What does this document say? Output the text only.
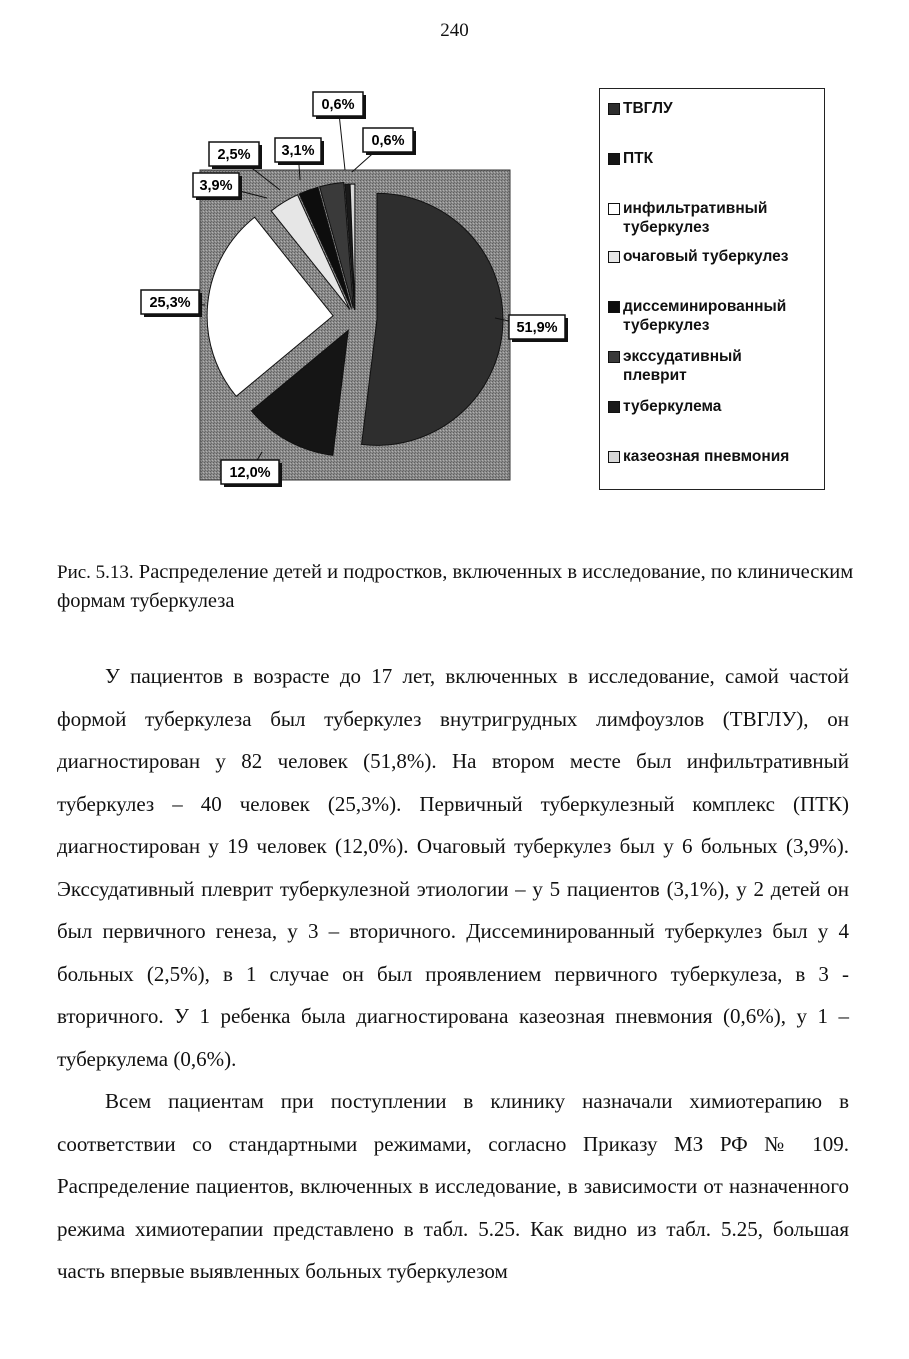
240
51,9%
12,0%
25,3%
3,9%
2,5% 3,1%
0,6%
0,6%
ТВГЛУ
ПТК
инфильтративный
туберкулез
очаговый туберкулез
диссеминированный
туберкулез
экссудативный
плеврит
туберкулема
казеозная пневмония
Рис. 5.13. Распределение детей и подростков, включенных в исследование, по клиническим формам туберкулеза

У пациентов в возрасте до 17 лет, включенных в исследование, самой частой формой туберкулеза был туберкулез внутригрудных лимфоузлов (ТВГЛУ), он диагностирован у 82 человек (51,8%). На втором месте был инфильтративный туберкулез – 40 человек (25,3%). Первичный туберкулезный комплекс (ПТК) диагностирован у 19 человек (12,0%). Очаговый туберкулез был у 6 больных (3,9%). Экссудативный плеврит туберкулезной этиологии – у 5 пациентов (3,1%), у 2 детей он был первичного генеза, у 3 – вторичного. Диссеминированный туберкулез был у 4 больных (2,5%), в 1 случае он был проявлением первичного туберкулеза, в 3 - вторичного. У 1 ребенка была диагностирована казеозная пневмония (0,6%), у 1 – туберкулема (0,6%).

Всем пациентам при поступлении в клинику назначали химиотерапию в соответствии со стандартными режимами, согласно Приказу МЗ РФ № 109. Распределение пациентов, включенных в исследование, в зависимости от назначенного режима химиотерапии представлено в табл. 5.25. Как видно из табл. 5.25, большая часть впервые выявленных больных туберкулезом
